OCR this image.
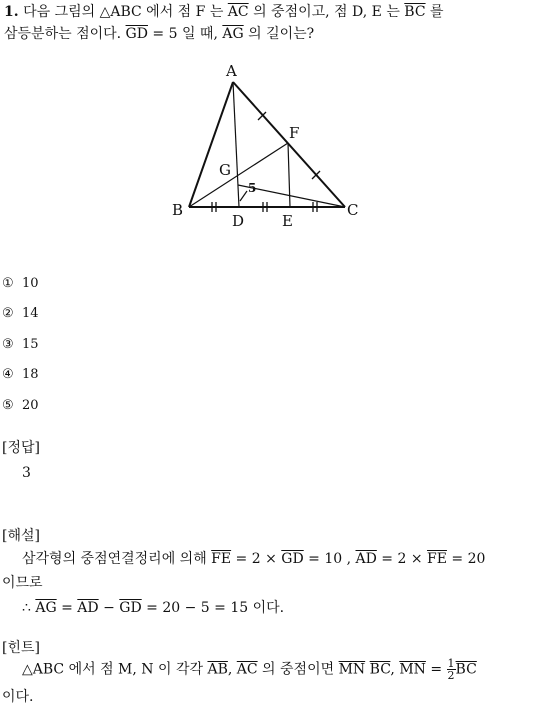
1. 다음 그림의 △ABC 에서 점 F 는 $\overline{AC}$ 의 중점이고, 점 D, E 는 $\overline{BC}$ 를
삼등분하는 점이다. $\overline{GD} = 5$ 일 때, $\overline{AG}$ 의 길이는?
A
B	C
D	E
F
G
5
① 10
② 14
③ 15
④ 18
⑤ 20
[정답]
3
[해설]
삼각형의 중점연결정리에 의해 $\overline{FE} = 2 \times \overline{GD} = 10$ , $\overline{AD} = 2 \times \overline{FE} = 20$
이므로
∴ $\overline{AG} = \overline{AD} - \overline{GD} = 20 - 5 = 15$ 이다.
[힌트]
△ABC 에서 점 M, N 이 각각 $\overline{AB}$, $\overline{AC}$ 의 중점이면 $\overline{MN}$ $\overline{BC}$, $\overline{MN} = \frac{1}{2} \overline{BC}$
이다.
